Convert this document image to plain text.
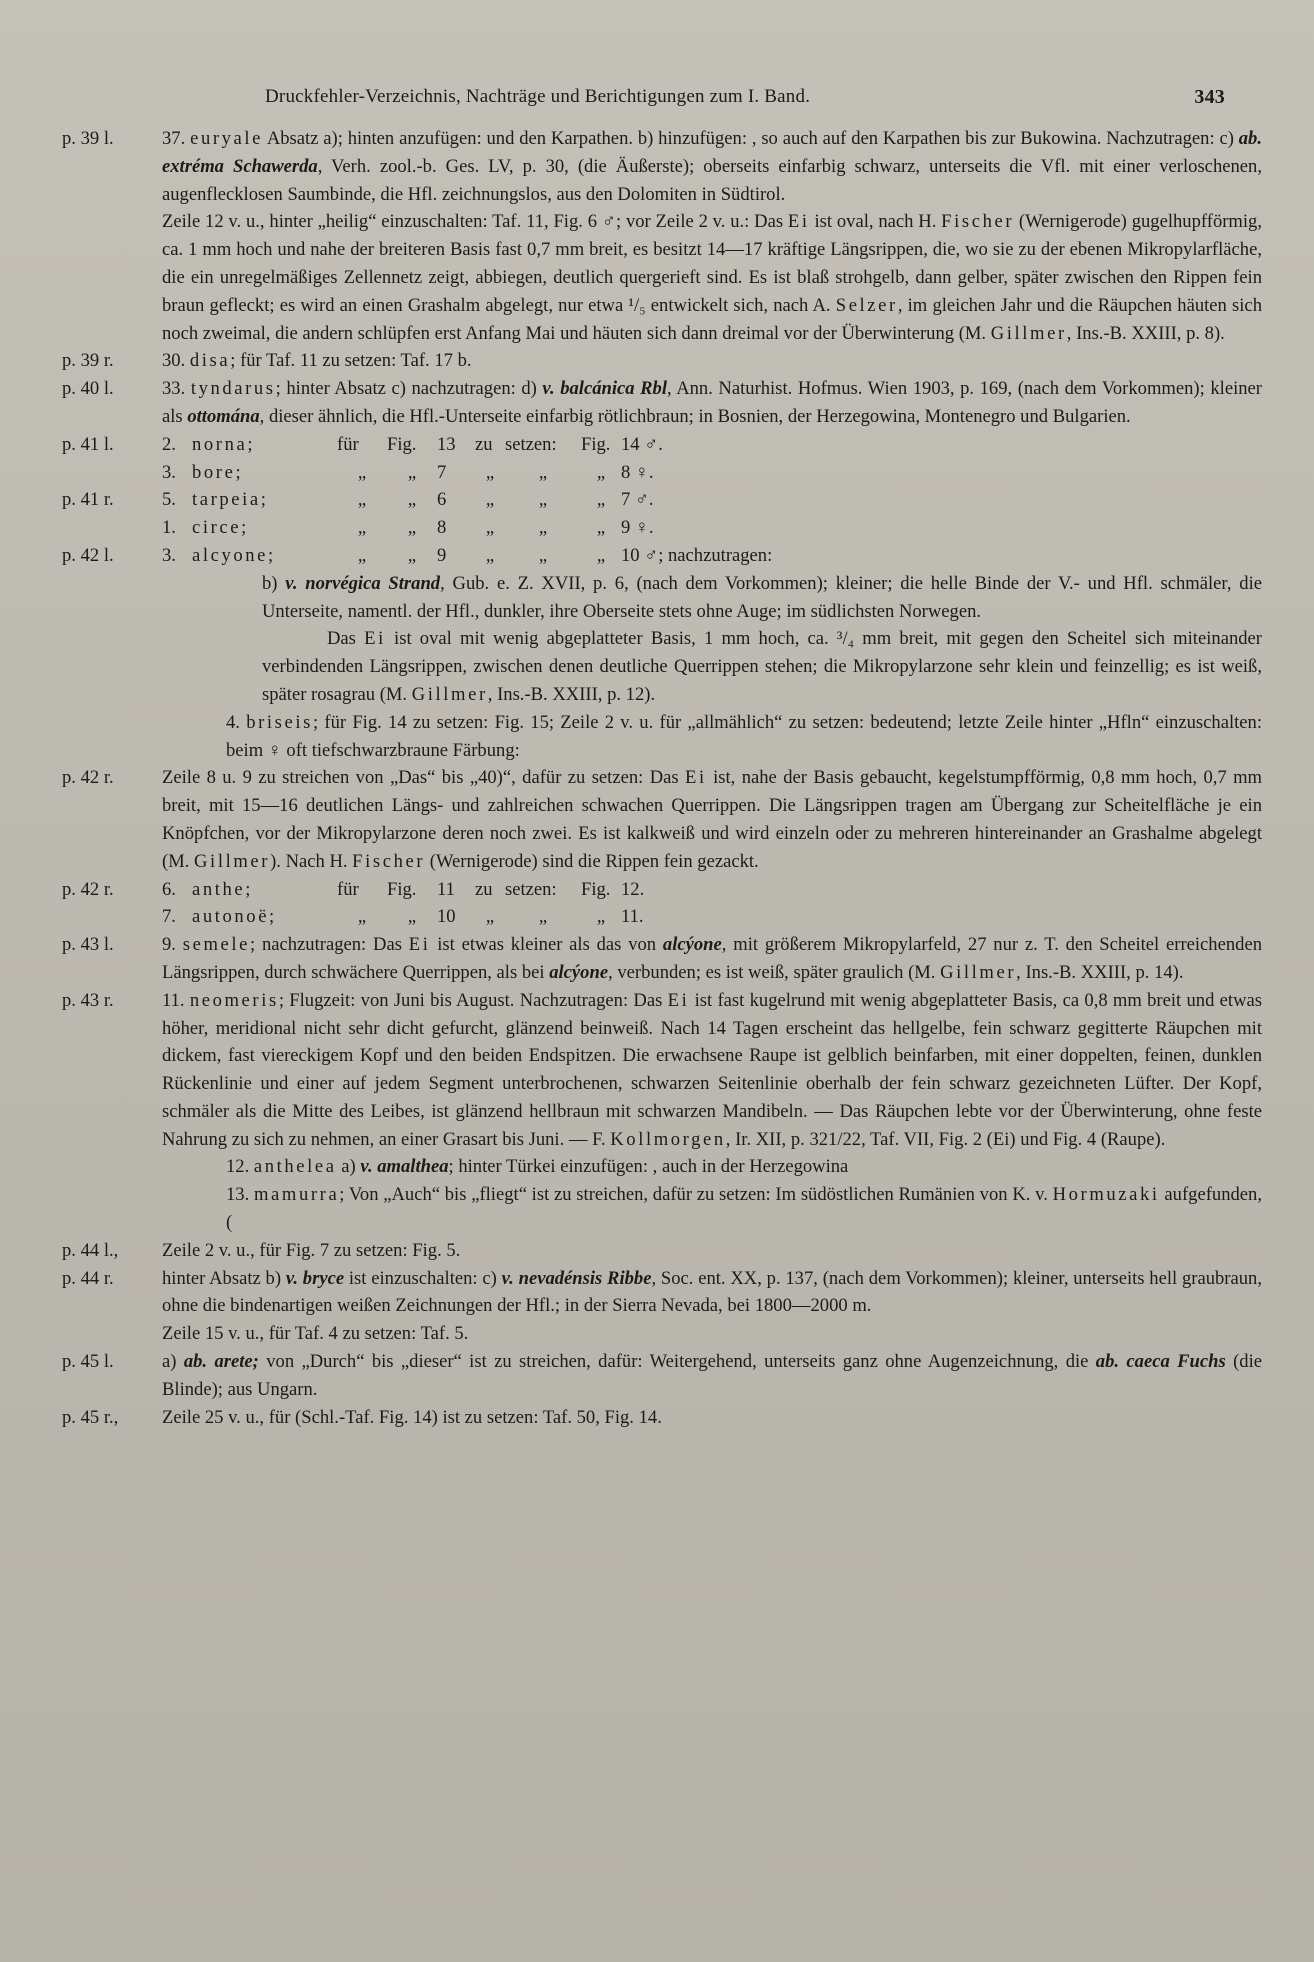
Druckfehler-Verzeichnis, Nachträge und Berichtigungen zum I. Band.	343
p. 39 l.	37. euryale Absatz a); hinten anzufügen: und den Karpathen. b) hinzufügen: , so auch auf den Karpathen bis zur Bukowina. Nachzutragen: c) ab. extréma Schawerda, Verh. zool.-b. Ges. LV, p. 30, (die Äußerste); oberseits einfarbig schwarz, unterseits die Vfl. mit einer verloschenen, augenflecklosen Saumbinde, die Hfl. zeichnungslos, aus den Dolomiten in Südtirol.
Zeile 12 v. u., hinter „heilig“ einzuschalten: Taf. 11, Fig. 6 ♂; vor Zeile 2 v. u.: Das Ei ist oval, nach H. Fischer (Wernigerode) gugelhupfförmig, ca. 1 mm hoch und nahe der breiteren Basis fast 0,7 mm breit, es besitzt 14—17 kräftige Längsrippen, die, wo sie zu der ebenen Mikropylarfläche, die ein unregelmäßiges Zellennetz zeigt, abbiegen, deutlich quergerieft sind. Es ist blaß strohgelb, dann gelber, später zwischen den Rippen fein braun gefleckt; es wird an einen Grashalm abgelegt, nur etwa ¹/₅ entwickelt sich, nach A. Selzer, im gleichen Jahr und die Räupchen häuten sich noch zweimal, die andern schlüpfen erst Anfang Mai und häuten sich dann dreimal vor der Überwinterung (M. Gillmer, Ins.-B. XXIII, p. 8).
p. 39 r.	30. disa; für Taf. 11 zu setzen: Taf. 17 b.
p. 40 l.	33. tyndarus; hinter Absatz c) nachzutragen: d) v. balcánica Rbl, Ann. Naturhist. Hofmus. Wien 1903, p. 169, (nach dem Vorkommen); kleiner als ottomána, dieser ähnlich, die Hfl.-Unterseite einfarbig rötlichbraun; in Bosnien, der Herzegowina, Montenegro und Bulgarien.
p. 41 l.	2. norna;	für	Fig.	13	zu setzen:	Fig. 14 ♂.
3. bore;	„	„	7	„	„	„ 8 ♀.
p. 41 r.	5. tarpeia;	„	„	6	„	„	„ 7 ♂.
1. circe;	„	„	8	„	„	„ 9 ♀.
p. 42 l.	3. alcyone;	„	„	9	„	„	„ 10 ♂; nachzutragen:
b) v. norvégica Strand, Gub. e. Z. XVII, p. 6, (nach dem Vorkommen); kleiner; die helle Binde der V.- und Hfl. schmäler, die Unterseite, namentl. der Hfl., dunkler, ihre Oberseite stets ohne Auge; im südlichsten Norwegen.
Das Ei ist oval mit wenig abgeplatteter Basis, 1 mm hoch, ca. ³/₄ mm breit, mit gegen den Scheitel sich miteinander verbindenden Längsrippen, zwischen denen deutliche Querrippen stehen; die Mikropylarzone sehr klein und feinzellig; es ist weiß, später rosagrau (M. Gillmer, Ins.-B. XXIII, p. 12).
4. briseis; für Fig. 14 zu setzen: Fig. 15; Zeile 2 v. u. für „allmählich“ zu setzen: bedeutend; letzte Zeile hinter „Hfln“ einzuschalten: beim ♀ oft tiefschwarzbraune Färbung:
p. 42 r.	Zeile 8 u. 9 zu streichen von „Das“ bis „40)“, dafür zu setzen: Das Ei ist, nahe der Basis gebaucht, kegelstumpfförmig, 0,8 mm hoch, 0,7 mm breit, mit 15—16 deutlichen Längs- und zahlreichen schwachen Querrippen. Die Längsrippen tragen am Übergang zur Scheitelfläche je ein Knöpfchen, vor der Mikropylarzone deren noch zwei. Es ist kalkweiß und wird einzeln oder zu mehreren hintereinander an Grashalme abgelegt (M. Gillmer). Nach H. Fischer (Wernigerode) sind die Rippen fein gezackt.
p. 42 r.	6. anthe;	für	Fig.	11	zu setzen:	Fig. 12.
7. autonoë;	„	„	10	„	„	„ 11.
p. 43 l.	9. semele; nachzutragen: Das Ei ist etwas kleiner als das von alcýone, mit größerem Mikropylarfeld, 27 nur z. T. den Scheitel erreichenden Längsrippen, durch schwächere Querrippen, als bei alcýone, verbunden; es ist weiß, später graulich (M. Gillmer, Ins.-B. XXIII, p. 14).
p. 43 r.	11. neomeris; Flugzeit: von Juni bis August. Nachzutragen: Das Ei ist fast kugelrund mit wenig abgeplatteter Basis, ca 0,8 mm breit und etwas höher, meridional nicht sehr dicht gefurcht, glänzend beinweiß. Nach 14 Tagen erscheint das hellgelbe, fein schwarz gegitterte Räupchen mit dickem, fast viereckigem Kopf und den beiden Endspitzen. Die erwachsene Raupe ist gelblich beinfarben, mit einer doppelten, feinen, dunklen Rückenlinie und einer auf jedem Segment unterbrochenen, schwarzen Seitenlinie oberhalb der fein schwarz gezeichneten Lüfter. Der Kopf, schmäler als die Mitte des Leibes, ist glänzend hellbraun mit schwarzen Mandibeln. — Das Räupchen lebte vor der Überwinterung, ohne feste Nahrung zu sich zu nehmen, an einer Grasart bis Juni. — F. Kollmorgen, Ir. XII, p. 321/22, Taf. VII, Fig. 2 (Ei) und Fig. 4 (Raupe).
12. anthelea a) v. amalthea; hinter Türkei einzufügen: , auch in der Herzegowina
13. mamurra; Von „Auch“ bis „fliegt“ ist zu streichen, dafür zu setzen: Im südöstlichen Rumänien von K. v. Hormuzaki aufgefunden, (
p. 44 l.,	Zeile 2 v. u., für Fig. 7 zu setzen: Fig. 5.
p. 44 r.	hinter Absatz b) v. bryce ist einzuschalten: c) v. nevadénsis Ribbe, Soc. ent. XX, p. 137, (nach dem Vorkommen); kleiner, unterseits hell graubraun, ohne die bindenartigen weißen Zeichnungen der Hfl.; in der Sierra Nevada, bei 1800—2000 m.
Zeile 15 v. u., für Taf. 4 zu setzen: Taf. 5.
p. 45 l.	a) ab. arete; von „Durch“ bis „dieser“ ist zu streichen, dafür: Weitergehend, unterseits ganz ohne Augenzeichnung, die ab. caeca Fuchs (die Blinde); aus Ungarn.
p. 45 r.,	Zeile 25 v. u., für (Schl.-Taf. Fig. 14) ist zu setzen: Taf. 50, Fig. 14.
